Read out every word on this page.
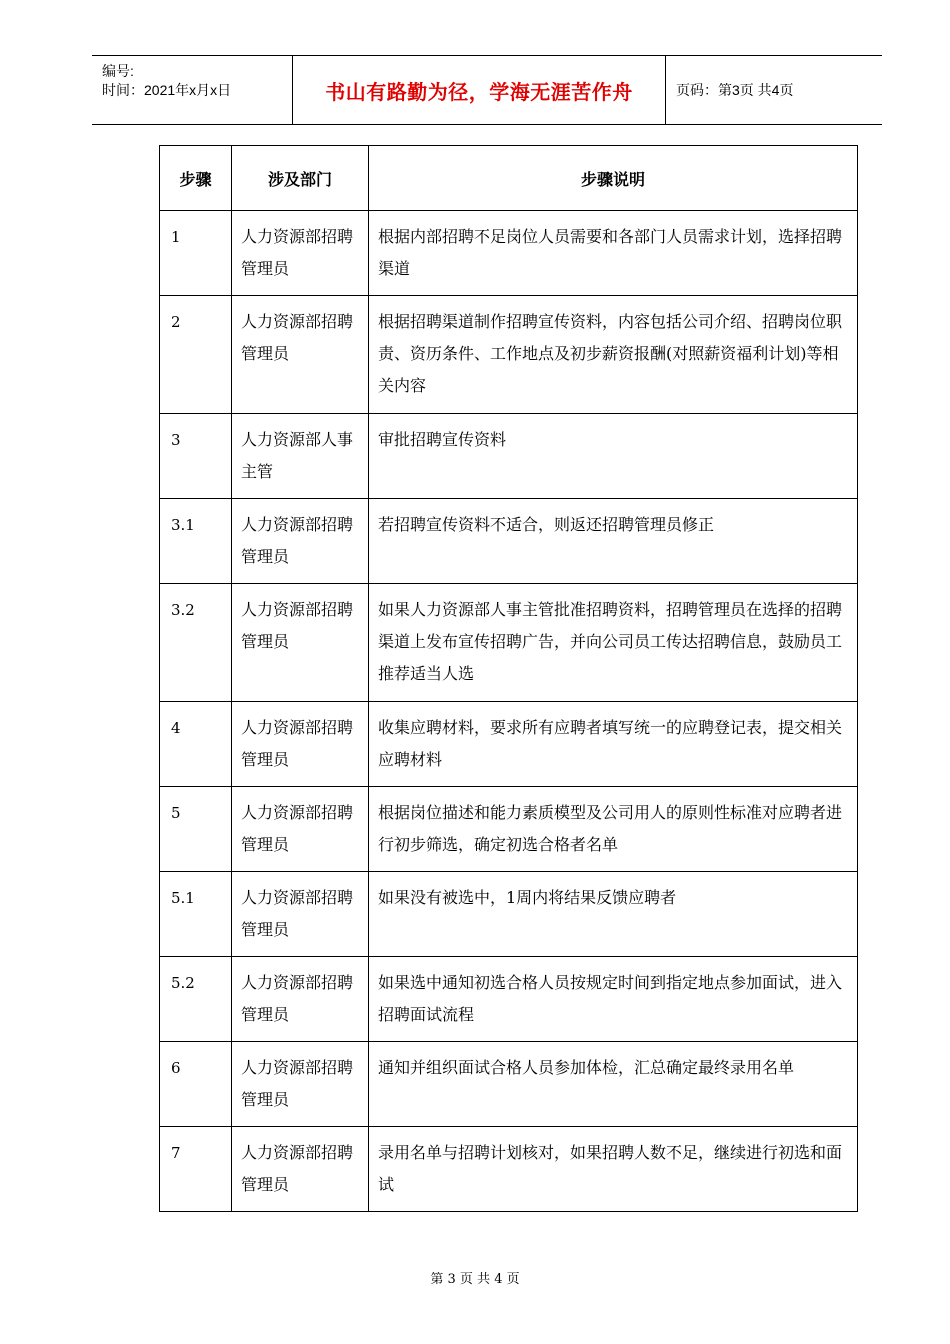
编号:
时间：2021年x月x日	书山有路勤为径，学海无涯苦作舟	页码：第3页 共4页
步骤	涉及部门	步骤说明
1	人力资源部招聘管理员	根据内部招聘不足岗位人员需要和各部门人员需求计划，选择招聘渠道
2	人力资源部招聘管理员	根据招聘渠道制作招聘宣传资料，内容包括公司介绍、招聘岗位职责、资历条件、工作地点及初步薪资报酬(对照薪资福利计划)等相关内容
3	人力资源部人事主管	审批招聘宣传资料
3.1	人力资源部招聘管理员	若招聘宣传资料不适合，则返还招聘管理员修正
3.2	人力资源部招聘管理员	如果人力资源部人事主管批准招聘资料，招聘管理员在选择的招聘渠道上发布宣传招聘广告，并向公司员工传达招聘信息，鼓励员工推荐适当人选
4	人力资源部招聘管理员	收集应聘材料，要求所有应聘者填写统一的应聘登记表，提交相关应聘材料
5	人力资源部招聘管理员	根据岗位描述和能力素质模型及公司用人的原则性标准对应聘者进行初步筛选，确定初选合格者名单
5.1	人力资源部招聘管理员	如果没有被选中，1周内将结果反馈应聘者
5.2	人力资源部招聘管理员	如果选中通知初选合格人员按规定时间到指定地点参加面试，进入招聘面试流程
6	人力资源部招聘管理员	通知并组织面试合格人员参加体检，汇总确定最终录用名单
7	人力资源部招聘管理员	录用名单与招聘计划核对，如果招聘人数不足，继续进行初选和面试
第 3 页 共 4 页
